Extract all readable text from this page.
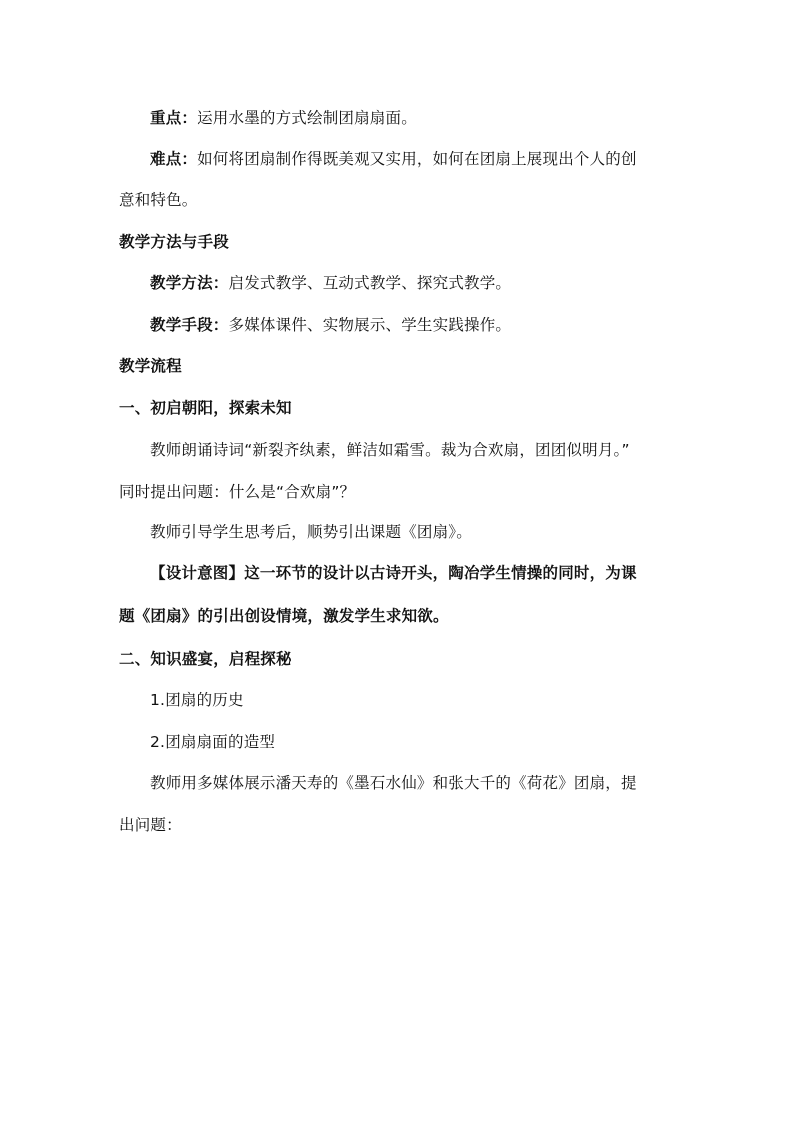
重点：运用水墨的方式绘制团扇扇面。
难点：如何将团扇制作得既美观又实用，如何在团扇上展现出个人的创
意和特色。
教学方法与手段
教学方法：启发式教学、互动式教学、探究式教学。
教学手段：多媒体课件、实物展示、学生实践操作。
教学流程
一、初启朝阳，探索未知
教师朗诵诗词“新裂齐纨素，鲜洁如霜雪。裁为合欢扇，团团似明月。”
同时提出问题：什么是“合欢扇”？
教师引导学生思考后，顺势引出课题《团扇》。
【设计意图】这一环节的设计以古诗开头，陶冶学生情操的同时，为课
题《团扇》的引出创设情境，激发学生求知欲。
二、知识盛宴，启程探秘
1.团扇的历史
2.团扇扇面的造型
教师用多媒体展示潘天寿的《墨石水仙》和张大千的《荷花》团扇，提
出问题：
